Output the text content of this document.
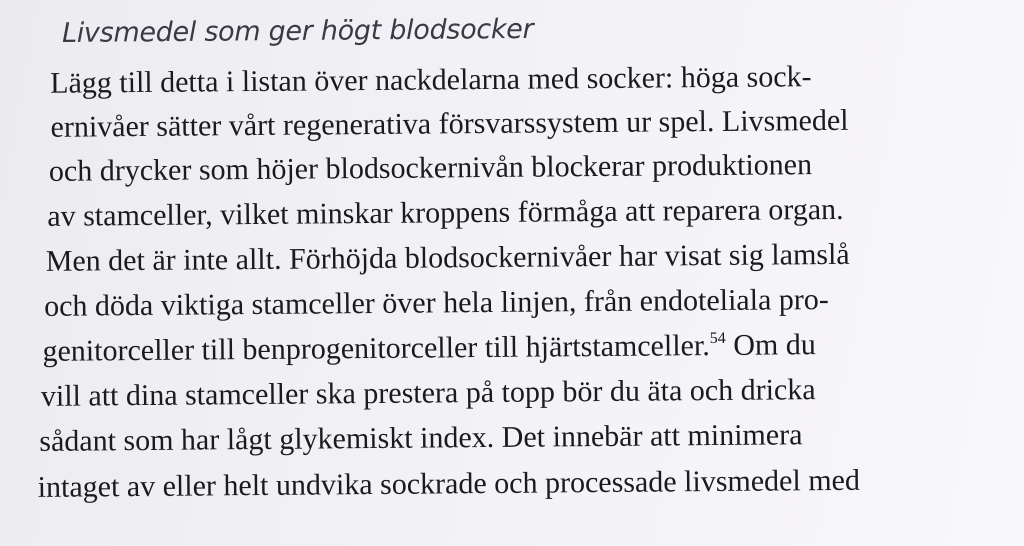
Livsmedel som ger högt blodsocker
Lägg till detta i listan över nackdelarna med socker: höga sock-
ernivåer sätter vårt regenerativa försvarssystem ur spel. Livsmedel
och drycker som höjer blodsockernivån blockerar produktionen
av stamceller, vilket minskar kroppens förmåga att reparera organ.
Men det är inte allt. Förhöjda blodsockernivåer har visat sig lamslå
och döda viktiga stamceller över hela linjen, från endoteliala pro-
genitorceller till benprogenitorceller till hjärtstamceller.$^{54}$ Om du
vill att dina stamceller ska prestera på topp bör du äta och dricka
sådant som har lågt glykemiskt index. Det innebär att minimera
intaget av eller helt undvika sockrade och processade livsmedel med
